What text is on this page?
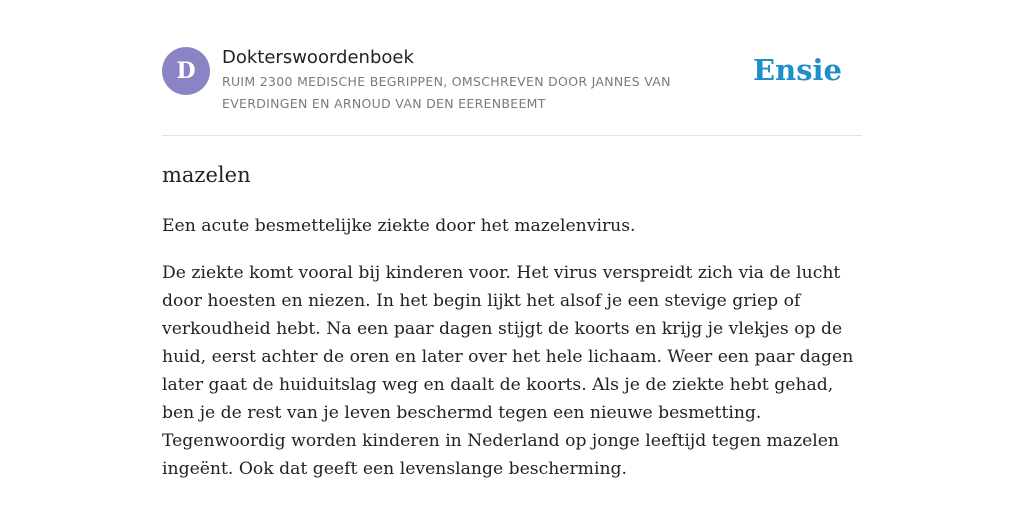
D
Dokterswoordenboek
RUIM 2300 MEDISCHE BEGRIPPEN, OMSCHREVEN DOOR JANNES VAN EVERDINGEN EN ARNOUD VAN DEN EERENBEEMT
Ensie
mazelen

Een acute besmettelijke ziekte door het mazelenvirus.

De ziekte komt vooral bij kinderen voor. Het virus verspreidt zich via de lucht door hoesten en niezen. In het begin lijkt het alsof je een stevige griep of verkoudheid hebt. Na een paar dagen stijgt de koorts en krijg je vlekjes op de huid, eerst achter de oren en later over het hele lichaam. Weer een paar dagen later gaat de huiduitslag weg en daalt de koorts. Als je de ziekte hebt gehad, ben je de rest van je leven beschermd tegen een nieuwe besmetting. Tegenwoordig worden kinderen in Nederland op jonge leeftijd tegen mazelen ingeënt. Ook dat geeft een levenslange bescherming.
